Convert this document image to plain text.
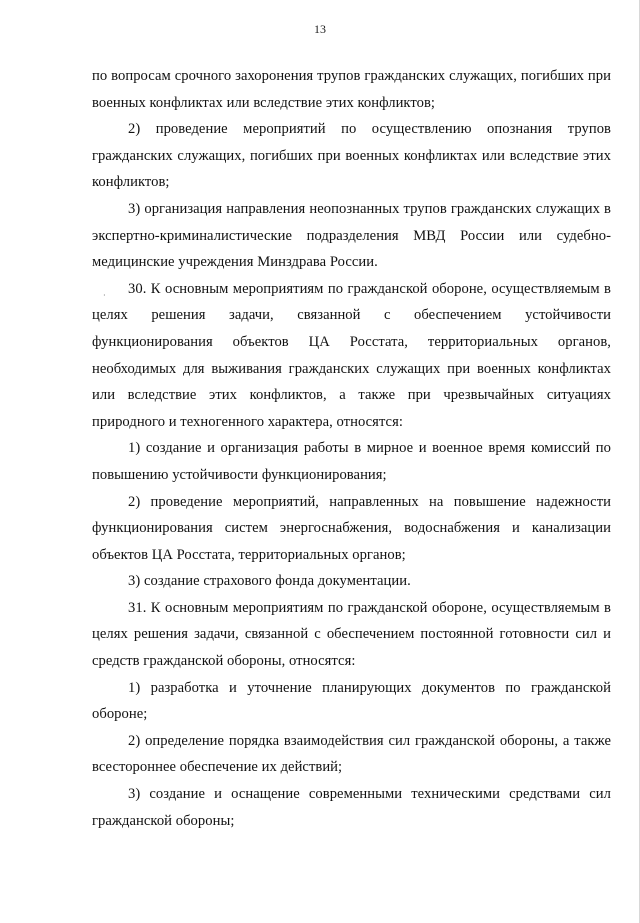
13
·

по вопросам срочного захоронения трупов гражданских служащих, погибших при военных конфликтах или вследствие этих конфликтов;

2) проведение мероприятий по осуществлению опознания трупов гражданских служащих, погибших при военных конфликтах или вследствие этих конфликтов;

3) организация направления неопознанных трупов гражданских служащих в экспертно-криминалистические подразделения МВД России или судебно-медицинские учреждения Минздрава России.

30. К основным мероприятиям по гражданской обороне, осуществляемым в целях решения задачи, связанной с обеспечением устойчивости функционирования объектов ЦА Росстата, территориальных органов, необходимых для выживания гражданских служащих при военных конфликтах или вследствие этих конфликтов, а также при чрезвычайных ситуациях природного и техногенного характера, относятся:

1) создание и организация работы в мирное и военное время комиссий по повышению устойчивости функционирования;

2) проведение мероприятий, направленных на повышение надежности функционирования систем энергоснабжения, водоснабжения и канализации объектов ЦА Росстата, территориальных органов;

3) создание страхового фонда документации.

31. К основным мероприятиям по гражданской обороне, осуществляемым в целях решения задачи, связанной с обеспечением постоянной готовности сил и средств гражданской обороны, относятся:

1) разработка и уточнение планирующих документов по гражданской обороне;

2) определение порядка взаимодействия сил гражданской обороны, а также всестороннее обеспечение их действий;

3) создание и оснащение современными техническими средствами сил гражданской обороны;
